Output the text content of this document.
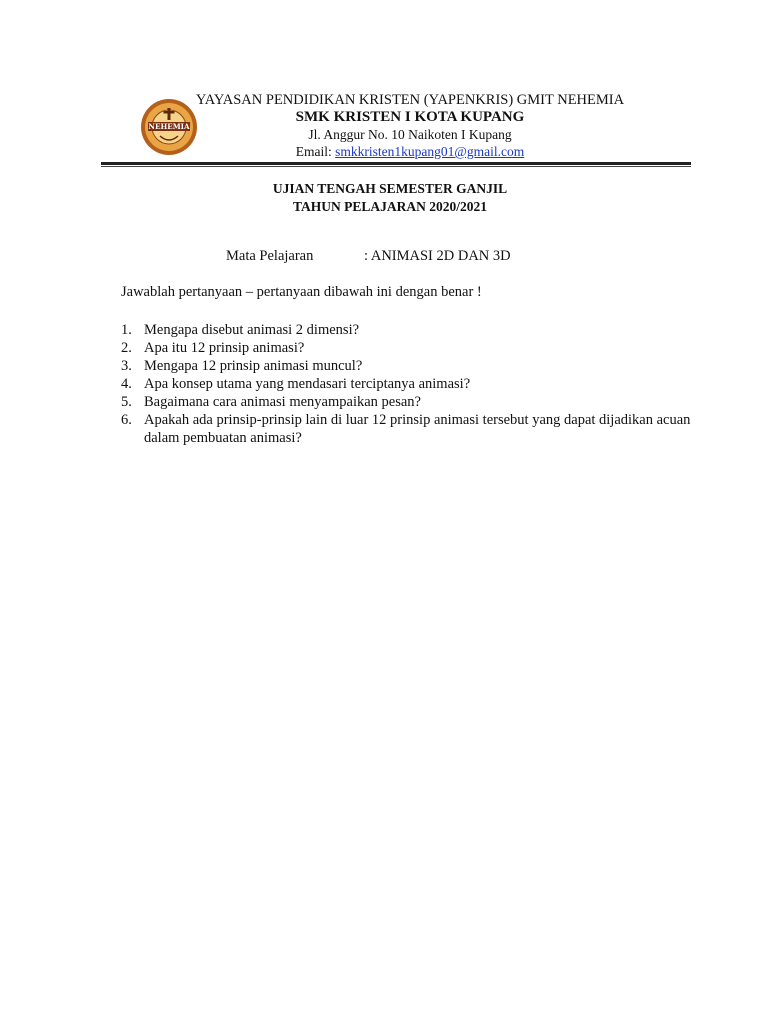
NEHEMIA
YAYASAN PENDIDIKAN KRISTEN (YAPENKRIS) GMIT NEHEMIA
SMK KRISTEN I KOTA KUPANG
Jl. Anggur No. 10 Naikoten I Kupang
Email: smkkristen1kupang01@gmail.com
UJIAN TENGAH SEMESTER GANJIL
TAHUN PELAJARAN 2020/2021
Mata Pelajaran	: ANIMASI 2D DAN 3D
Jawablah pertanyaan – pertanyaan dibawah ini dengan benar !
1. Mengapa disebut animasi 2 dimensi?
2. Apa itu 12 prinsip animasi?
3. Mengapa 12 prinsip animasi muncul?
4. Apa konsep utama yang mendasari terciptanya animasi?
5. Bagaimana cara animasi menyampaikan pesan?
6. Apakah ada prinsip-prinsip lain di luar 12 prinsip animasi tersebut yang dapat dijadikan acuan dalam pembuatan animasi?
